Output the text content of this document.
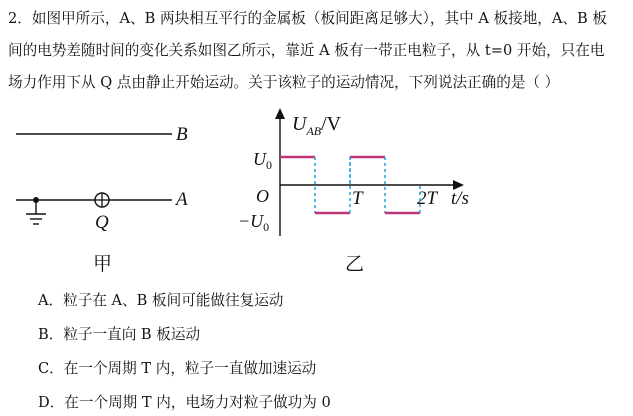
2．如图甲所示，A、B 两块相互平行的金属板（板间距离足够大），其中 A 板接地，A、B 板
间的电势差随时间的变化关系如图乙所示，靠近 A 板有一带正电粒子，从 t=0 开始，只在电
场力作用下从 Q 点由静止开始运动。关于该粒子的运动情况，下列说法正确的是（ ）
B
A
Q
甲
$U_{AB}/V$
$U_0$
O
$-U_0$
T	2T t/s
乙
A．粒子在 A、B 板间可能做往复运动
B．粒子一直向 B 板运动
C．在一个周期 T 内，粒子一直做加速运动
D．在一个周期 T 内，电场力对粒子做功为 0
